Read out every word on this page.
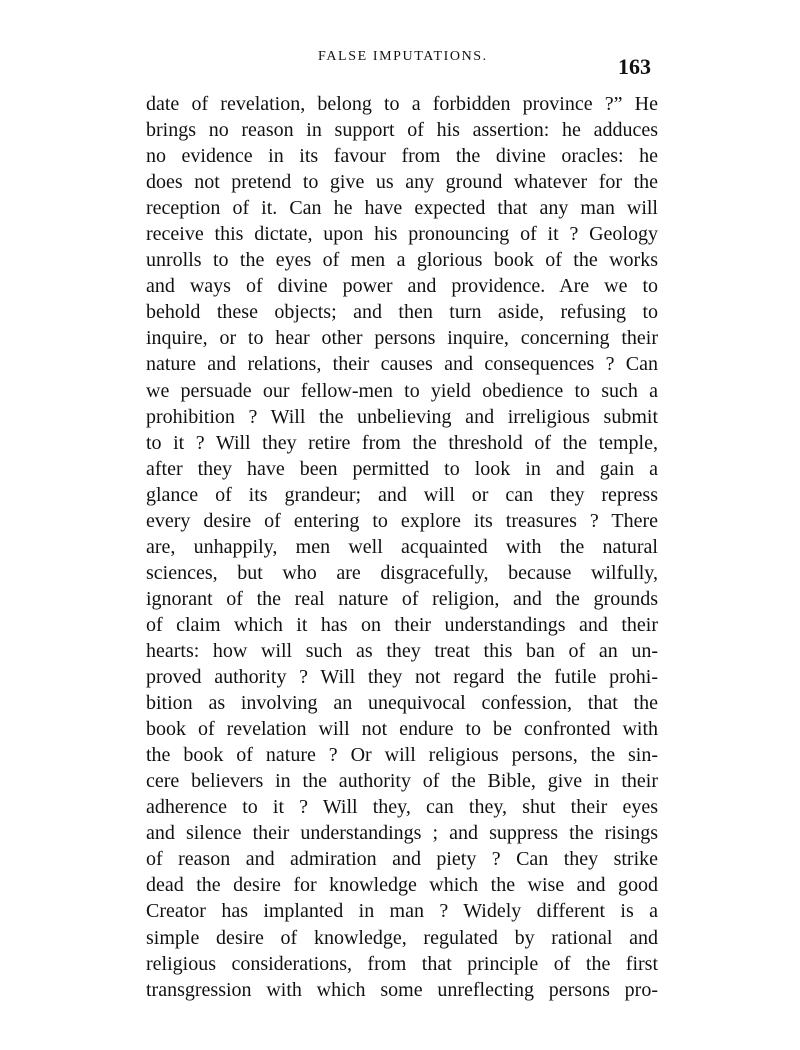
FALSE IMPUTATIONS.	163
date of revelation, belong to a forbidden province ?” He
brings no reason in support of his assertion: he adduces
no evidence in its favour from the divine oracles: he
does not pretend to give us any ground whatever for the
reception of it. Can he have expected that any man will
receive this dictate, upon his pronouncing of it ? Geology
unrolls to the eyes of men a glorious book of the works
and ways of divine power and providence. Are we to
behold these objects; and then turn aside, refusing to
inquire, or to hear other persons inquire, concerning their
nature and relations, their causes and consequences ? Can
we persuade our fellow-men to yield obedience to such a
prohibition ? Will the unbelieving and irreligious submit
to it ? Will they retire from the threshold of the temple,
after they have been permitted to look in and gain a
glance of its grandeur; and will or can they repress
every desire of entering to explore its treasures ? There
are, unhappily, men well acquainted with the natural
sciences, but who are disgracefully, because wilfully,
ignorant of the real nature of religion, and the grounds
of claim which it has on their understandings and their
hearts: how will such as they treat this ban of an un-
proved authority ? Will they not regard the futile prohi-
bition as involving an unequivocal confession, that the
book of revelation will not endure to be confronted with
the book of nature ? Or will religious persons, the sin-
cere believers in the authority of the Bible, give in their
adherence to it ? Will they, can they, shut their eyes
and silence their understandings ; and suppress the risings
of reason and admiration and piety ? Can they strike
dead the desire for knowledge which the wise and good
Creator has implanted in man ? Widely different is a
simple desire of knowledge, regulated by rational and
religious considerations, from that principle of the first
transgression with which some unreflecting persons pro-
